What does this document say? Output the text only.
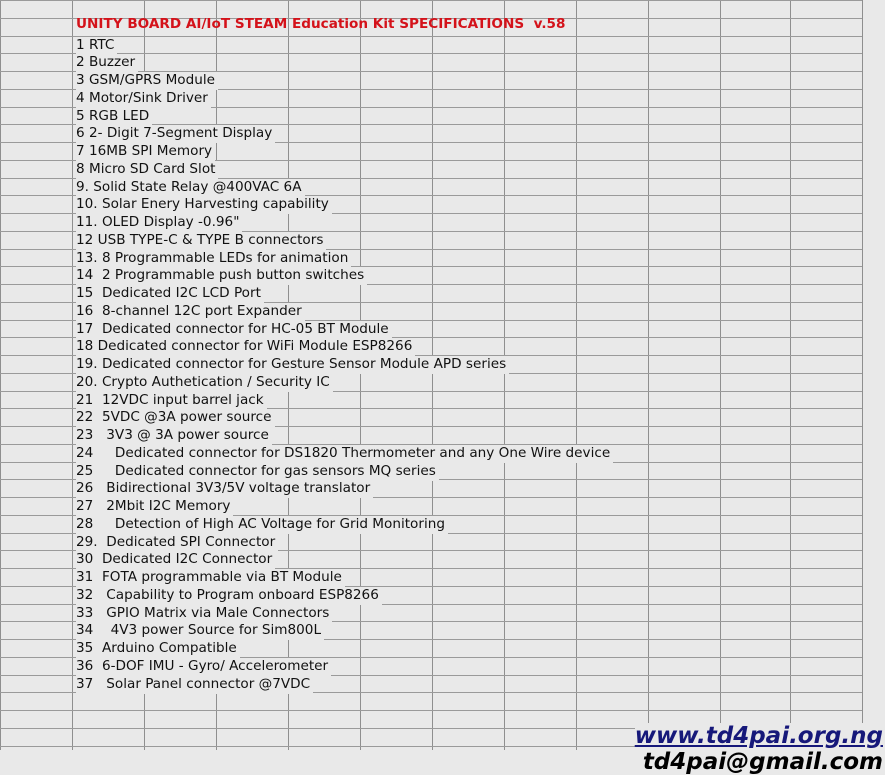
UNITY BOARD AI/IoT STEAM Education Kit SPECIFICATIONS  v.58
1 RTC
2 Buzzer
3 GSM/GPRS Module
4 Motor/Sink Driver
5 RGB LED
6 2- Digit 7-Segment Display
7 16MB SPI Memory
8 Micro SD Card Slot
9. Solid State Relay @400VAC 6A
10. Solar Enery Harvesting capability
11. OLED Display -0.96"
12 USB TYPE-C & TYPE B connectors
13. 8 Programmable LEDs for animation
14  2 Programmable push button switches
15  Dedicated I2C LCD Port
16  8-channel 12C port Expander
17  Dedicated connector for HC-05 BT Module
18 Dedicated connector for WiFi Module ESP8266
19. Dedicated connector for Gesture Sensor Module APD series
20. Crypto Authetication / Security IC
21  12VDC input barrel jack
22  5VDC @3A power source
23   3V3 @ 3A power source
24     Dedicated connector for DS1820 Thermometer and any One Wire device
25     Dedicated connector for gas sensors MQ series
26   Bidirectional 3V3/5V voltage translator
27   2Mbit I2C Memory
28     Detection of High AC Voltage for Grid Monitoring
29.  Dedicated SPI Connector
30  Dedicated I2C Connector
31  FOTA programmable via BT Module
32   Capability to Program onboard ESP8266
33   GPIO Matrix via Male Connectors
34    4V3 power Source for Sim800L
35  Arduino Compatible
36  6-DOF IMU - Gyro/ Accelerometer
37   Solar Panel connector @7VDC
www.td4pai.org.ng
td4pai@gmail.com
